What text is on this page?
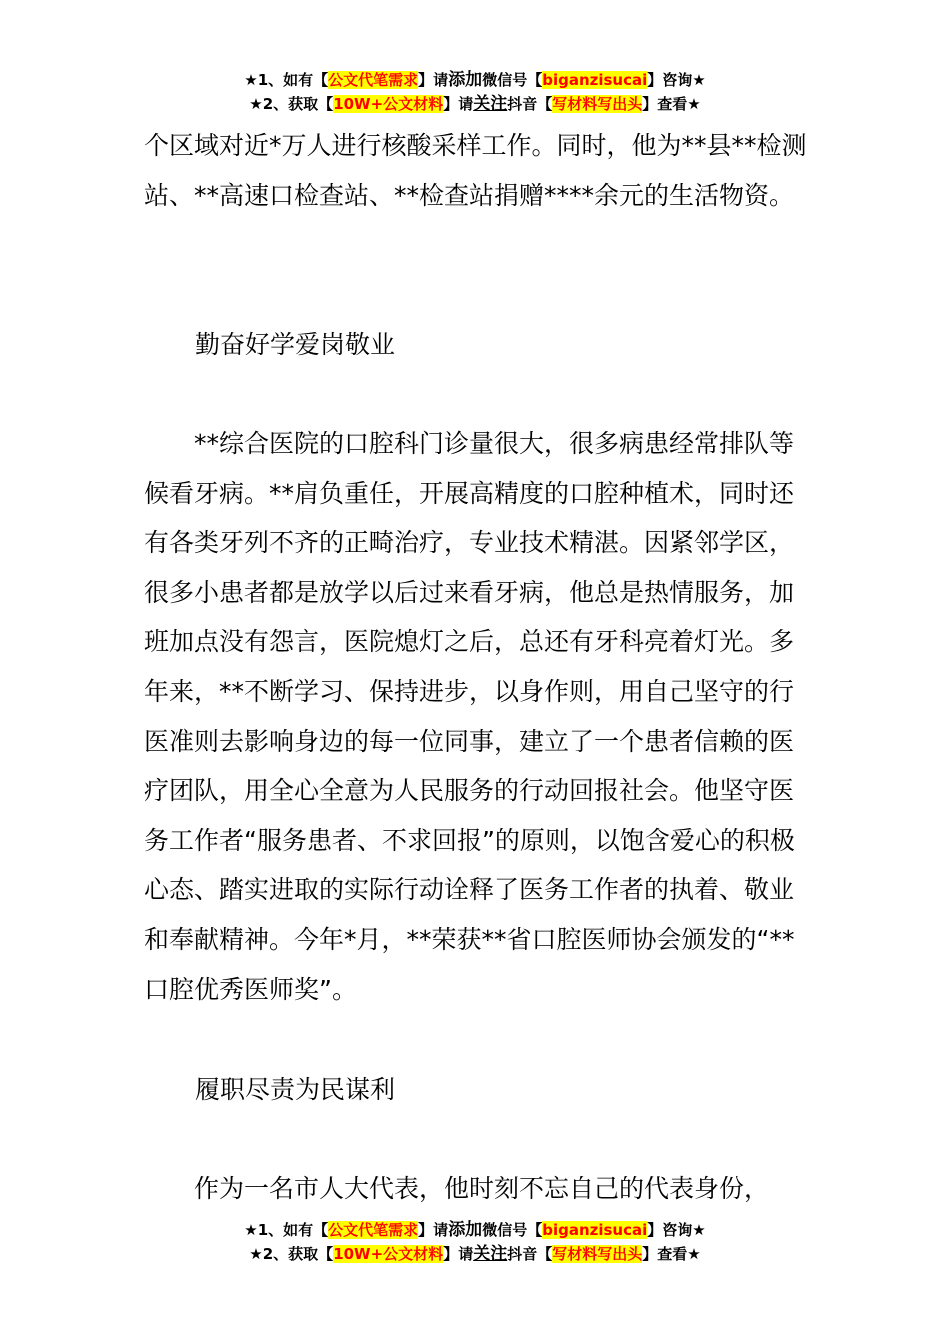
★1、如有【公文代笔需求】请添加微信号【biganzisucai】咨询★
★2、获取【10W+公文材料】请关注抖音【写材料写出头】查看★

个区域对近*万人进行核酸采样工作。同时，他为**县**检测站、**高速口检查站、**检查站捐赠****余元的生活物资。

勤奋好学爱岗敬业

**综合医院的口腔科门诊量很大，很多病患经常排队等候看牙病。**肩负重任，开展高精度的口腔种植术，同时还有各类牙列不齐的正畸治疗，专业技术精湛。因紧邻学区，很多小患者都是放学以后过来看牙病，他总是热情服务，加班加点没有怨言，医院熄灯之后，总还有牙科亮着灯光。多年来，**不断学习、保持进步，以身作则，用自己坚守的行医准则去影响身边的每一位同事，建立了一个患者信赖的医疗团队，用全心全意为人民服务的行动回报社会。他坚守医务工作者“服务患者、不求回报”的原则，以饱含爱心的积极心态、踏实进取的实际行动诠释了医务工作者的执着、敬业和奉献精神。今年*月，**荣获**省口腔医师协会颁发的“**口腔优秀医师奖”。

履职尽责为民谋利

作为一名市人大代表，他时刻不忘自己的代表身份，

★1、如有【公文代笔需求】请添加微信号【biganzisucai】咨询★
★2、获取【10W+公文材料】请关注抖音【写材料写出头】查看★
